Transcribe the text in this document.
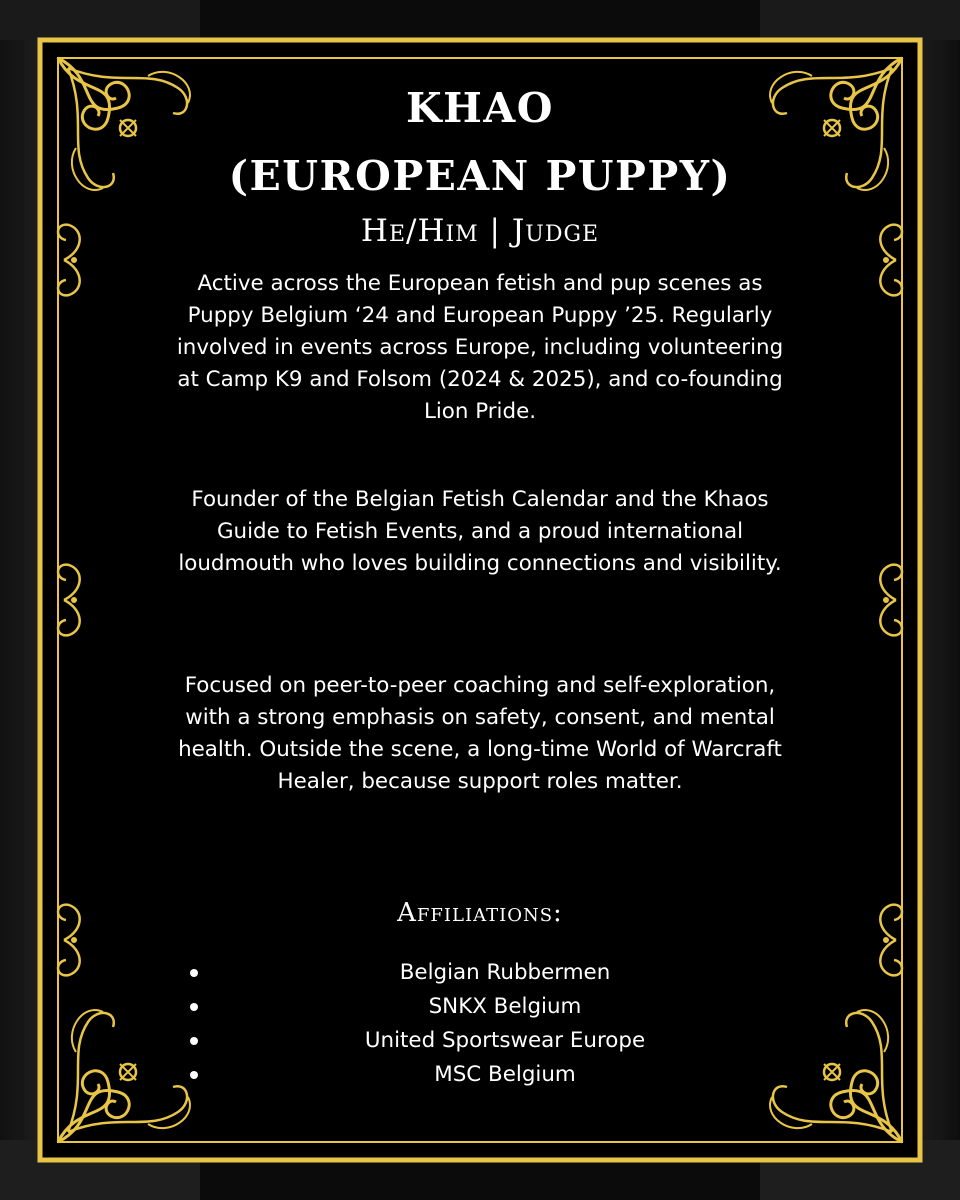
KHAO
(EUROPEAN PUPPY)
He/Him | Judge

Active across the European fetish and pup scenes as Puppy Belgium ‘24 and European Puppy ’25. Regularly involved in events across Europe, including volunteering at Camp K9 and Folsom (2024 & 2025), and co-founding Lion Pride.

Founder of the Belgian Fetish Calendar and the Khaos Guide to Fetish Events, and a proud international loudmouth who loves building connections and visibility.

Focused on peer-to-peer coaching and self-exploration, with a strong emphasis on safety, consent, and mental health. Outside the scene, a long-time World of Warcraft Healer, because support roles matter.

Affiliations:
Belgian Rubbermen
SNKX Belgium
United Sportswear Europe
MSC Belgium
